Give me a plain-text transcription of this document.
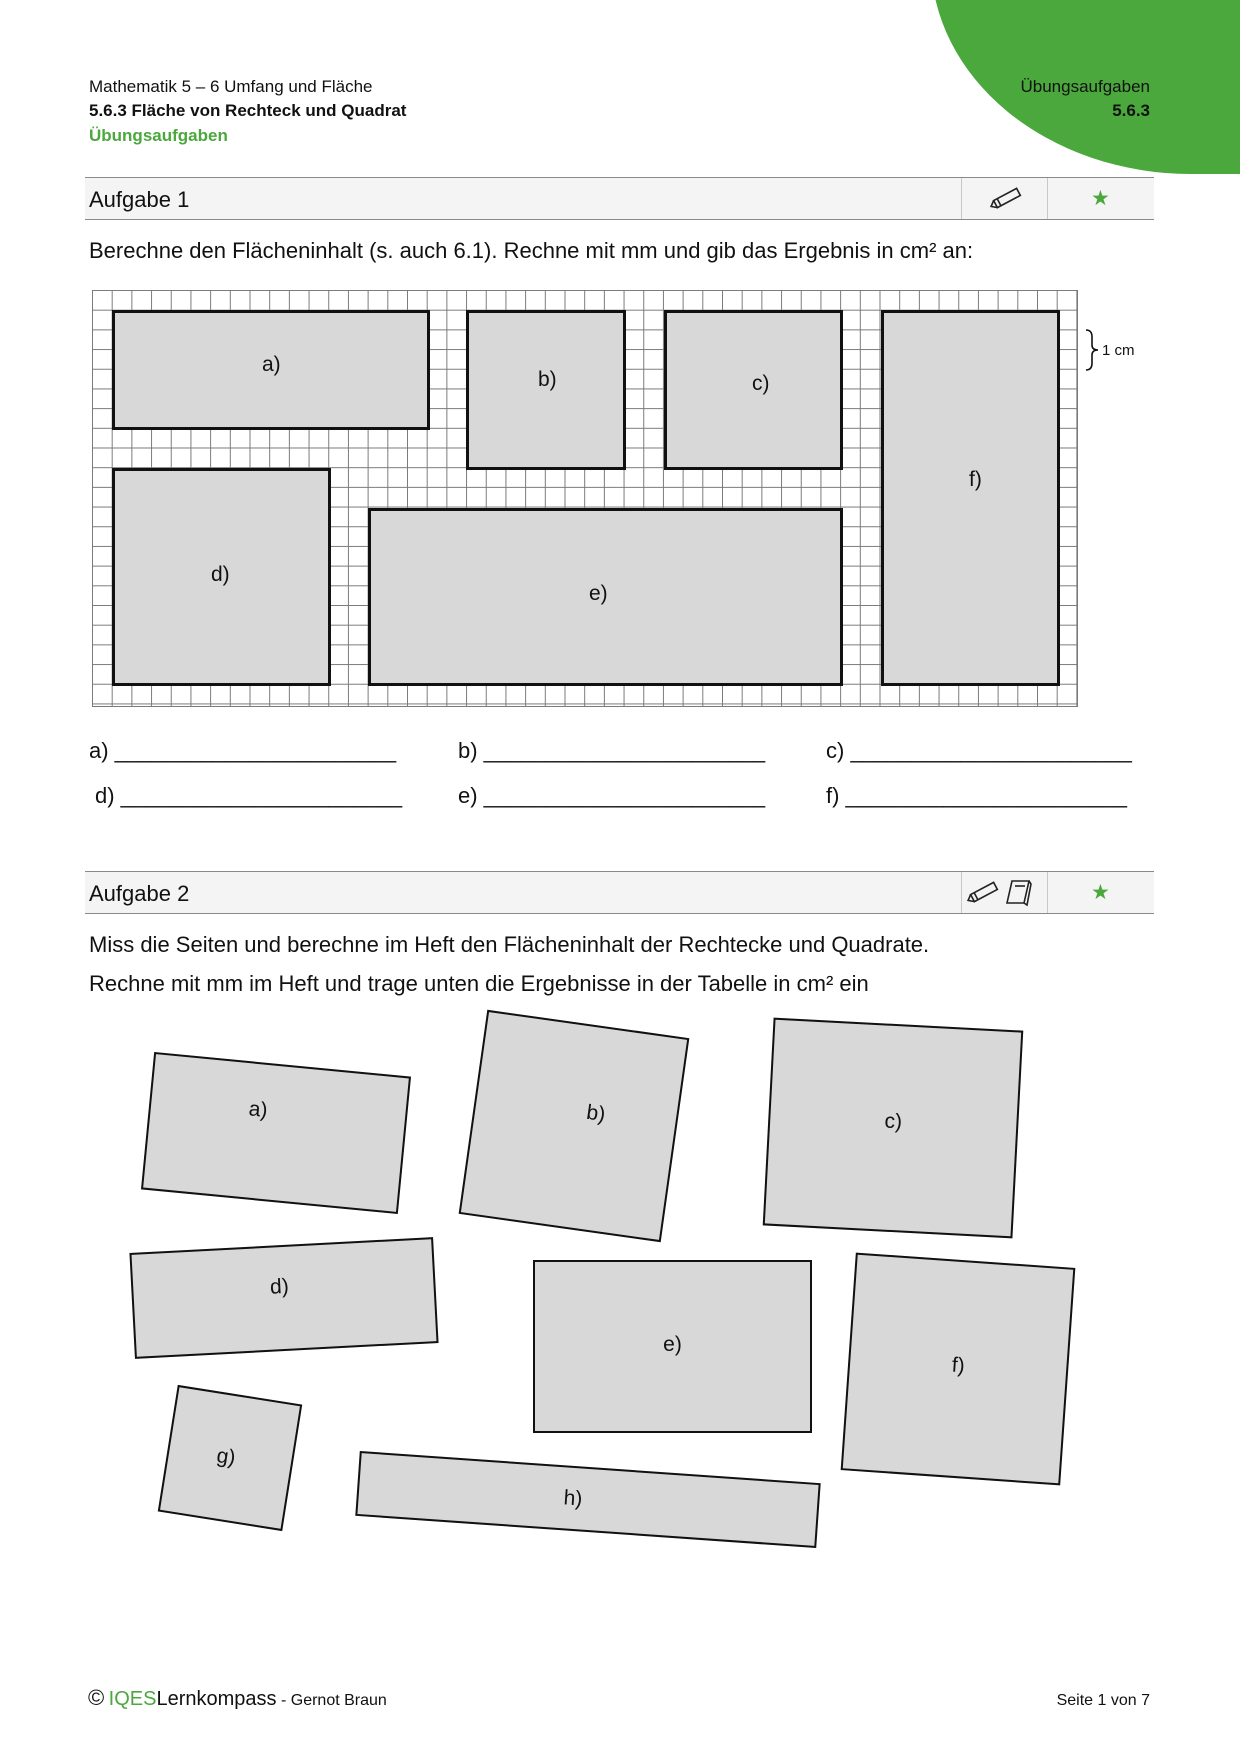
Mathematik 5 – 6 Umfang und Fläche
5.6.3 Fläche von Rechteck und Quadrat
Übungsaufgaben
Übungsaufgaben
5.6.3
Aufgabe 1	★
Berechne den Flächeninhalt (s. auch 6.1). Rechne mit mm und gib das Ergebnis in cm² an:
a)
b)	c)
f)
d)
e)
1 cm
a) _______________________	b) _______________________	c) _______________________
d) _______________________	e) _______________________	f) _______________________
Aufgabe 2	★
Miss die Seiten und berechne im Heft den Flächeninhalt der Rechtecke und Quadrate.
Rechne mit mm im Heft und trage unten die Ergebnisse in der Tabelle in cm² ein
a)	b)	c)
d)
e)
f)
g)
h)
© IQESLernkompass - Gernot Braun	Seite 1 von 7
